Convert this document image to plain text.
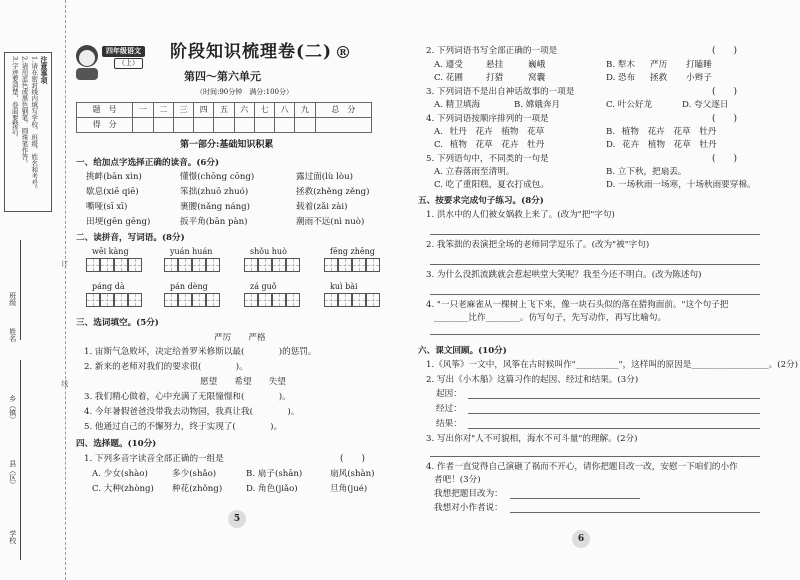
注意事项
1.请在密封线内填写学校、班级、姓名和考号。
2.请用蓝色或黑色钢笔、圆珠笔作答。
3.字迹要清楚，卷面要整洁。
班级
姓名
县（区）
乡（镇）
学校
订
线
四年级语文
（上）
阶段知识梳理卷(二) R
第四～第六单元
（时间:90分钟　满分:100分）
题　号	一	二	三	四	五	六	七	八	九	总　分
得　分										
第一部分:基础知识积累
一、给加点字选择正确的读音。(6分)
挑衅(bān xìn)	懂憬(chōng cōng)	露过面(lù lòu)
歇息(xiē qiē)	笨拙(zhuō zhuó)	拯救(zhěng zěng)
嘶哑(sī xī)	裹腰(nǎng náng)	载着(zǎi zài)
田埂(gēn gēng)	扳平角(bān pàn)	潮雨不远(nì nuò)
二、读拼音，写词语。(8分)
wēi kàng	yuán huán	shǒu huò	fēng zhēng
páng dà	pán dèng	zá guǒ	kuì bài
三、选词填空。(5分)
严厉　　严格
1. 宙斯气急败坏，决定给普罗米修斯以最(　　　　)的惩罚。
2. 新来的老师对我们的要求很(　　　　)。
愿望　　希望　　失望
3. 我们精心做着，心中充满了无限憧憬和(　　　　)。
4. 今年暑假爸爸没带我去动物园，我真让我(　　　　)。
5. 他通过自己的不懈努力，终于实现了(　　　　)。
四、选择题。(10分)
1. 下列多音字读音全部正确的一组是	(　　)
A. 少女(shào)	多少(shǎo)	B. 扇子(shān)	扇风(shàn)
C. 大种(zhòng) 种花(zhǒng)	D. 角色(jiǎo)	旦角(jué)
5
2. 下列词语书写全部正确的一项是	(　　)
A. 遵受	悬挂	巍峨	B. 犁木 严历 打瞌睡
C. 花圃	打猎	窝囊	D. 恐布 拯救 小辫子
3. 下列词语不是出自神话故事的一项是	(　　)
A. 精卫填海	B. 嫦娥奔月	C. 叶公好龙	D. 夸父逐日
4. 下列词语按顺序排列的一项是	(　　)
A. 牡丹　 花卉　 植物　 花草	B. 植物　 花卉　 花草　 牡丹
C. 植物　 花草　 花卉　 牡丹	D. 花卉　 植物　 花草　 牡丹
5. 下列语句中，不同类的一句是	(　　)
A. 立春落雨至清明。	B. 立下秋，把扇丢。
C. 吃了重阳糕，夏衣打成包。	D. 一场秋雨一场寒，十场秋雨要穿棉。
五、按要求完成句子练习。(8分)
1. 洪水中的人们被女娲救上来了。(改为"把"字句)
2. 我笨拙的表演把全场的老师同学逗乐了。(改为"被"字句)
3. 为什么没抓流跳就会惹起哄堂大笑呢？我至今还不明白。(改为陈述句)
4. "一只老麻雀从一棵树上飞下来，像一块石头似的落在猎狗面前。"这个句子把
________比作________。仿写句子，先写动作，再写比喻句。
六、课文回顾。(10分)
1.《风筝》一文中，风筝在古时候叫作"__________"，这样叫的原因是__________________。(2分)
2. 写出《小木船》这篇习作的起因、经过和结果。(3分)
起因：
经过：
结果：
3. 写出你对"人不可貌相，海水不可斗量"的理解。(2分)
4. 作者一直觉得自己演砸了祸而不开心，请你把题目改一改，安慰一下咱们的小作
者吧！(3分)
我想把题目改为：
我想对小作者说：
6
